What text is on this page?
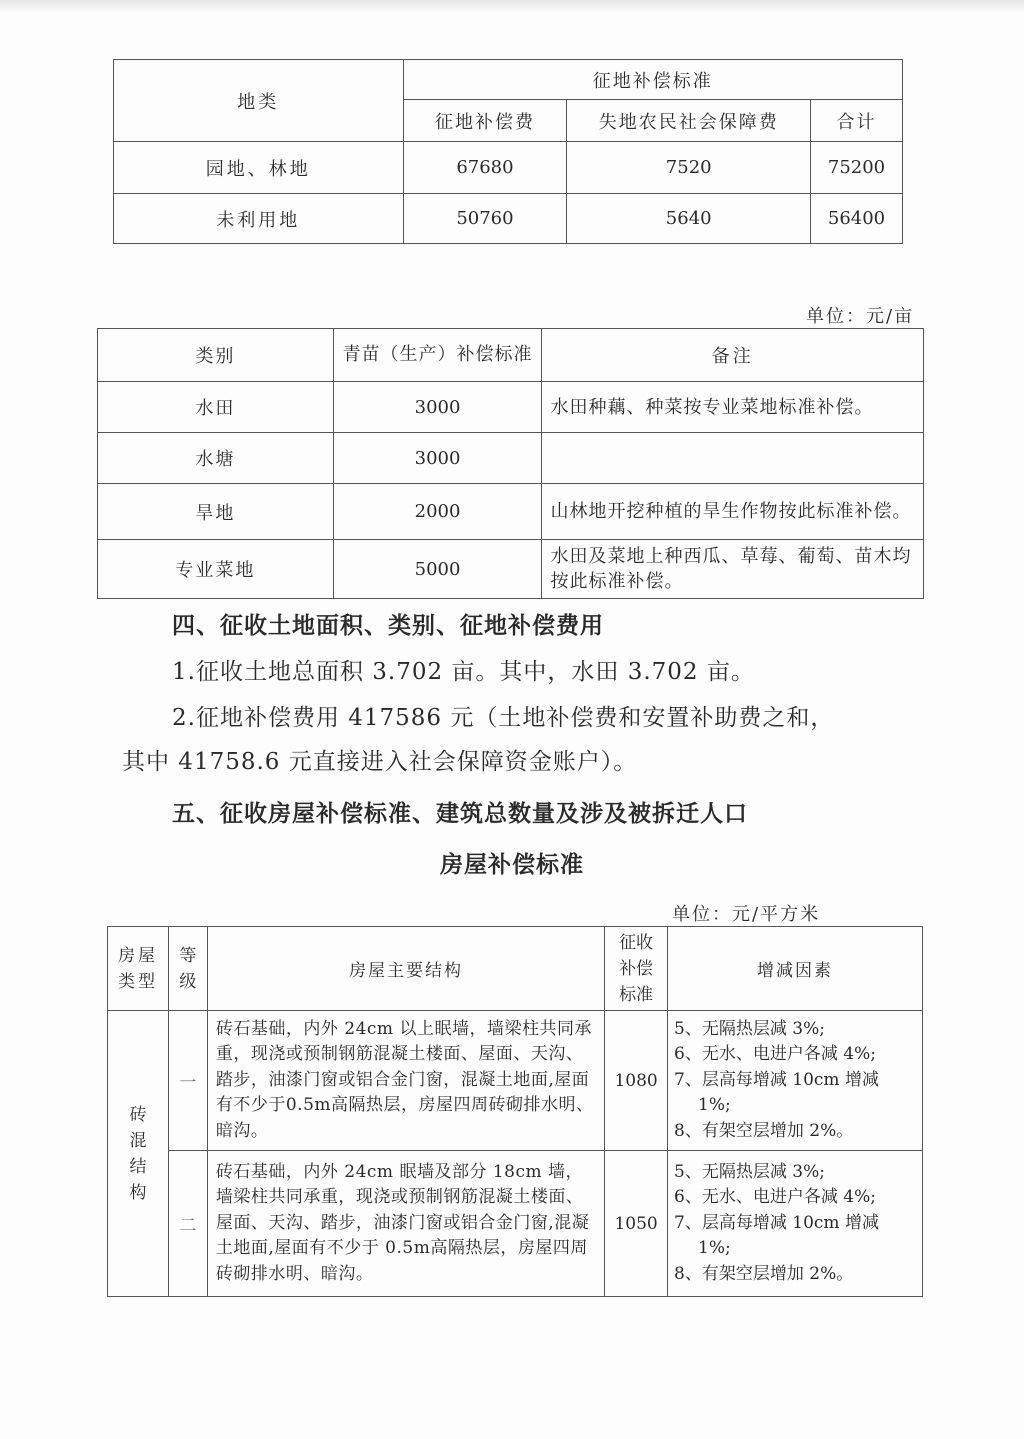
地类	征地补偿标准		
	征地补偿费	失地农民社会保障费	合计
园地、林地	67680	7520	75200
未利用地	50760	5640	56400
单位：元/亩
类别	青苗（生产）补偿标准	备注
水田	3000	水田种藕、种菜按专业菜地标准补偿。
水塘	3000	
旱地	2000	山林地开挖种植的旱生作物按此标准补偿。
专业菜地	5000	水田及菜地上种西瓜、草莓、葡萄、苗木均按此标准补偿。
四、征收土地面积、类别、征地补偿费用
1.征收土地总面积 3.702 亩。其中，水田 3.702 亩。
2.征地补偿费用 417586 元（土地补偿费和安置补助费之和，
其中 41758.6 元直接进入社会保障资金账户）。
五、征收房屋补偿标准、建筑总数量及涉及被拆迁人口
房屋补偿标准
单位：元/平方米
房屋类型	等级	房屋主要结构	征收补偿标准	增减因素

砖混结构	一	砖石基础，内外 24cm 以上眠墙，墙梁柱共同承重，现浇或预制钢筋混凝土楼面、屋面、天沟、踏步，油漆门窗或铝合金门窗，混凝土地面,屋面有不少于0.5m高隔热层，房屋四周砖砌排水明、暗沟。	1080	5、无隔热层减 3%;
6、无水、电进户各减 4%;
7、层高每增减 10cm 增减
1%;
8、有架空层增加 2%。

	二	砖石基础，内外 24cm 眠墙及部分 18cm 墙，墙梁柱共同承重，现浇或预制钢筋混凝土楼面、屋面、天沟、踏步，油漆门窗或铝合金门窗,混凝土地面,屋面有不少于 0.5m高隔热层，房屋四周砖砌排水明、暗沟。	1050	5、无隔热层减 3%;
6、无水、电进户各减 4%;
7、层高每增减 10cm 增减
1%;
8、有架空层增加 2%。
